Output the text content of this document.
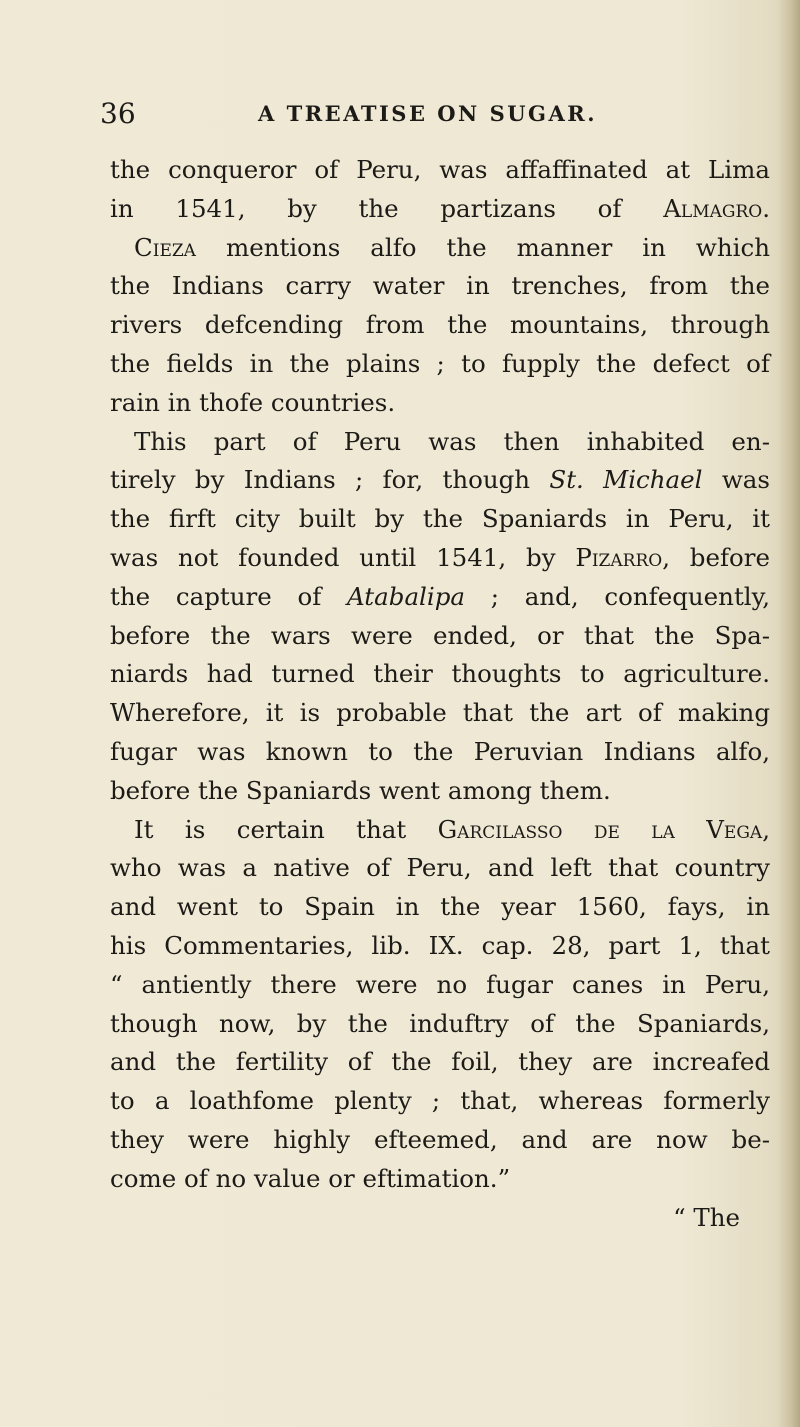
36	A TREATISE ON SUGAR.
the conqueror of Peru, was affaffinated at Lima
in 1541, by the partizans of Almagro.
Cieza mentions alfo the manner in which
the Indians carry water in trenches, from the
rivers defcending from the mountains, through
the fields in the plains ; to fupply the defect of
rain in thofe countries.
This part of Peru was then inhabited en-
tirely by Indians ; for, though St. Michael was
the firft city built by the Spaniards in Peru, it
was not founded until 1541, by Pizarro, before
the capture of Atabalipa ; and, confequently,
before the wars were ended, or that the Spa-
niards had turned their thoughts to agriculture.
Wherefore, it is probable that the art of making
fugar was known to the Peruvian Indians alfo,
before the Spaniards went among them.
It is certain that Garcilasso de la Vega,
who was a native of Peru, and left that country
and went to Spain in the year 1560, fays, in
his Commentaries, lib. IX. cap. 28, part 1, that
“ antiently there were no fugar canes in Peru,
though now, by the induftry of the Spaniards,
and the fertility of the foil, they are increafed
to a loathfome plenty ; that, whereas formerly
they were highly efteemed, and are now be-
come of no value or eftimation.”
“ The
